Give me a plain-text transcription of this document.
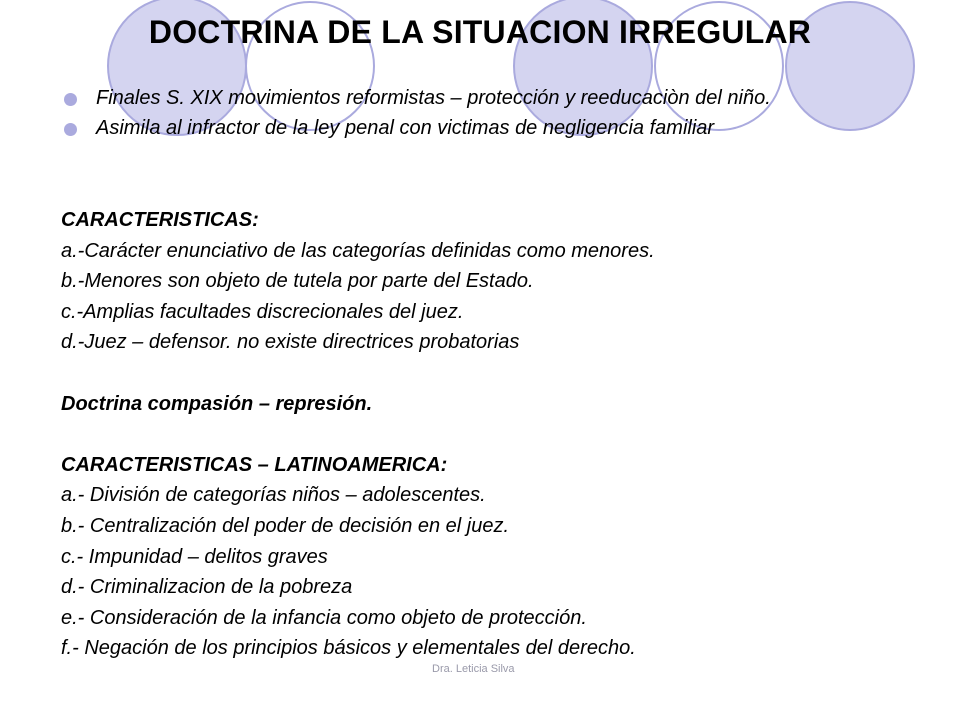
DOCTRINA DE LA SITUACION IRREGULAR
Finales S. XIX movimientos reformistas – protección y reeducaciòn del niño.
Asimila al infractor de la ley penal con victimas de negligencia familiar
CARACTERISTICAS:
a.-Carácter enunciativo de las categorías definidas como menores.
b.-Menores son objeto de tutela por parte del Estado.
c.-Amplias facultades discrecionales del juez.
d.-Juez – defensor. no existe directrices probatorias
Doctrina compasión – represión.
CARACTERISTICAS – LATINOAMERICA:
a.- División de categorías niños – adolescentes.
b.- Centralización del poder de decisión en el juez.
c.- Impunidad – delitos graves
d.- Criminalizacion de la pobreza
e.- Consideración de la infancia como objeto de protección.
f.- Negación de los principios básicos y elementales del derecho.
Dra. Leticia Silva
